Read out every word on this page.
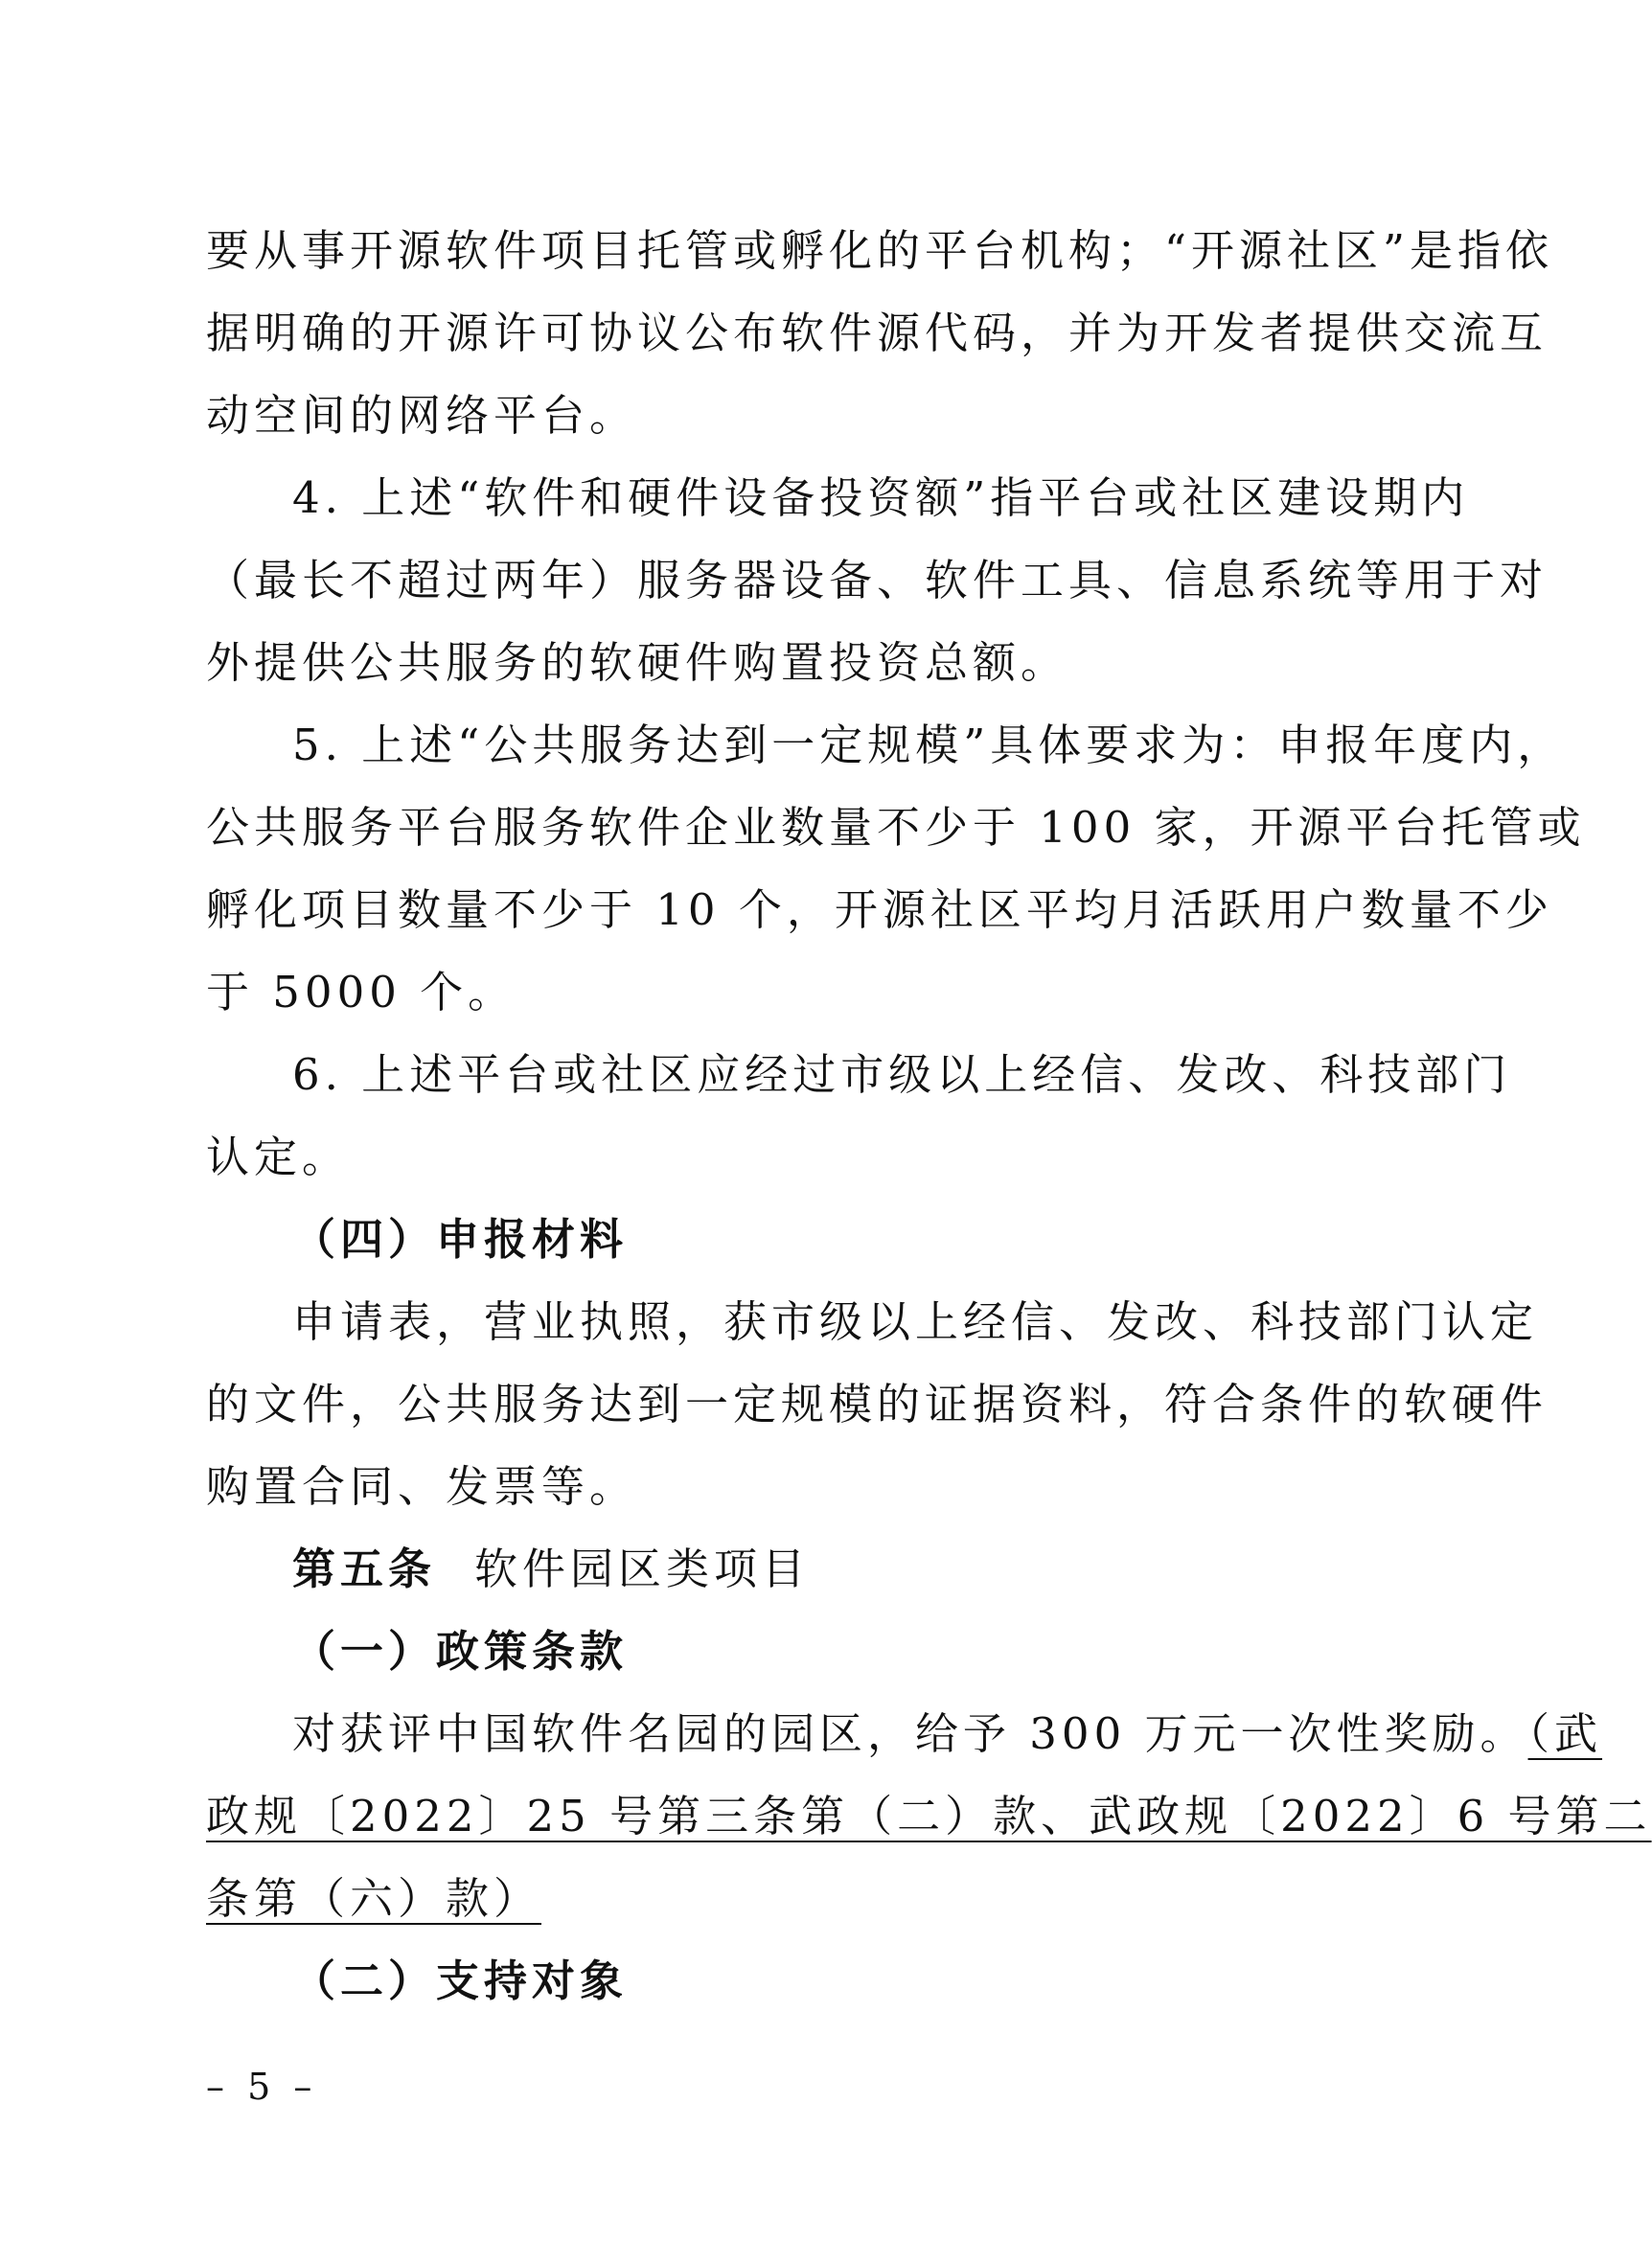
要从事开源软件项目托管或孵化的平台机构；“开源社区”是指依
据明确的开源许可协议公布软件源代码，并为开发者提供交流互
动空间的网络平台。
4. 上述“软件和硬件设备投资额”指平台或社区建设期内
（最长不超过两年）服务器设备、软件工具、信息系统等用于对
外提供公共服务的软硬件购置投资总额。
5. 上述“公共服务达到一定规模”具体要求为：申报年度内，
公共服务平台服务软件企业数量不少于 100 家，开源平台托管或
孵化项目数量不少于 10 个，开源社区平均月活跃用户数量不少
于 5000 个。
6. 上述平台或社区应经过市级以上经信、发改、科技部门
认定。
（四）申报材料
申请表，营业执照，获市级以上经信、发改、科技部门认定
的文件，公共服务达到一定规模的证据资料，符合条件的软硬件
购置合同、发票等。
第五条 软件园区类项目
（一）政策条款
对获评中国软件名园的园区，给予 300 万元一次性奖励。（武
政规〔2022〕25 号第三条第（二）款、武政规〔2022〕6 号第二
条第（六）款）
（二）支持对象
– 5 –
